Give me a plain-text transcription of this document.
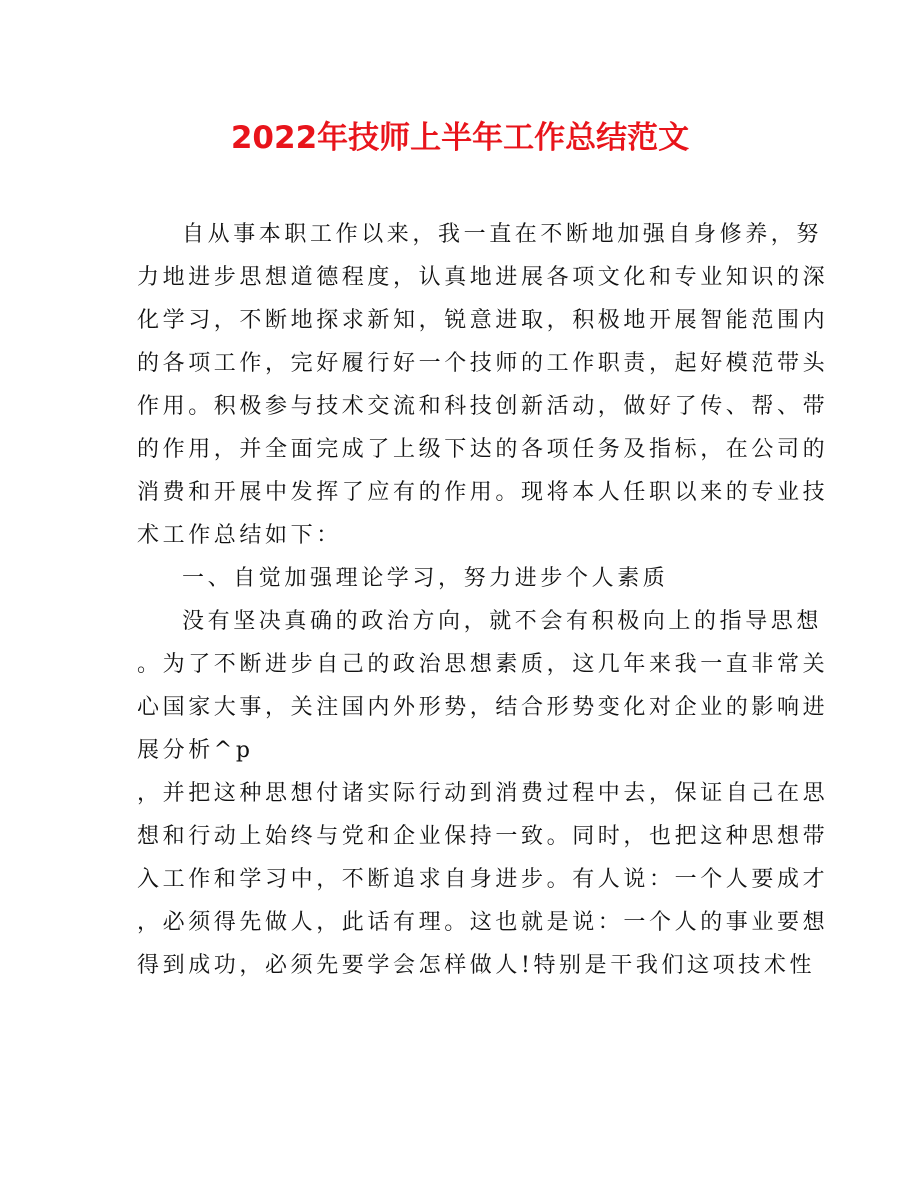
2022年技师上半年工作总结范文
自从事本职工作以来，我一直在不断地加强自身修养，努
力地进步思想道德程度，认真地进展各项文化和专业知识的深
化学习，不断地探求新知，锐意进取，积极地开展智能范围内
的各项工作，完好履行好一个技师的工作职责，起好模范带头
作用。积极参与技术交流和科技创新活动，做好了传、帮、带
的作用，并全面完成了上级下达的各项任务及指标，在公司的
消费和开展中发挥了应有的作用。现将本人任职以来的专业技
术工作总结如下：
一、自觉加强理论学习，努力进步个人素质
没有坚决真确的政治方向，就不会有积极向上的指导思想
。为了不断进步自己的政治思想素质，这几年来我一直非常关
心国家大事，关注国内外形势，结合形势变化对企业的影响进
展分析^p
，并把这种思想付诸实际行动到消费过程中去，保证自己在思
想和行动上始终与党和企业保持一致。同时，也把这种思想带
入工作和学习中，不断追求自身进步。有人说：一个人要成才
，必须得先做人，此话有理。这也就是说：一个人的事业要想
得到成功，必须先要学会怎样做人!特别是干我们这项技术性
